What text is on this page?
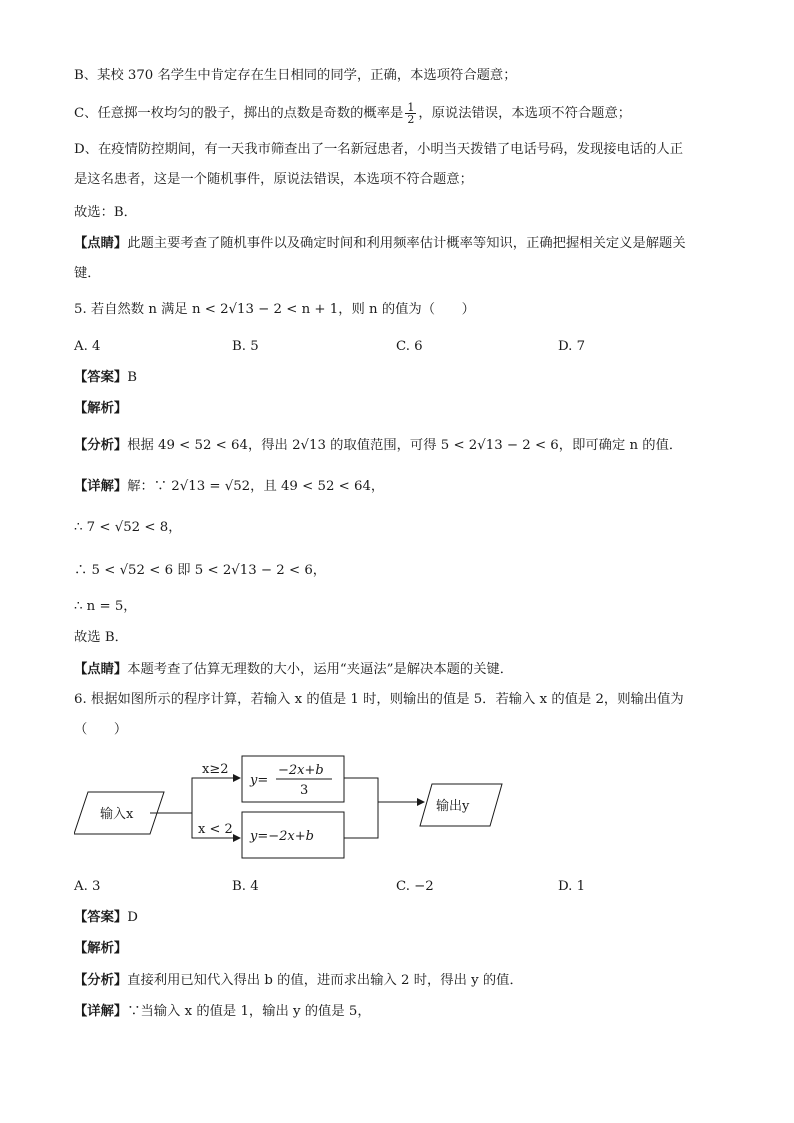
B、某校 370 名学生中肯定存在生日相同的同学，正确，本选项符合题意；
C、任意掷一枚均匀的骰子，掷出的点数是奇数的概率是 $\frac{1}{2}$ ，原说法错误，本选项不符合题意；
D、在疫情防控期间，有一天我市筛查出了一名新冠患者，小明当天拨错了电话号码，发现接电话的人正
是这名患者，这是一个随机事件，原说法错误，本选项不符合题意；
故选：B．
【点睛】此题主要考查了随机事件以及确定时间和利用频率估计概率等知识，正确把握相关定义是解题关
键．
5. 若自然数 n 满足 n < 2√13 − 2 < n + 1，则 n 的值为（　　）
A. 4	B. 5	C. 6	D. 7
【答案】B
【解析】
【分析】根据 49 < 52 < 64，得出 2√13 的取值范围，可得 5 < 2√13 − 2 < 6，即可确定 n 的值．
【详解】解：∵ 2√13 = √52，且 49 < 52 < 64，
∴ 7 < √52 < 8，
∴ 5 < √52 < 6 即 5 < 2√13 − 2 < 6，
∴ n = 5，
故选 B．
【点睛】本题考查了估算无理数的大小，运用“夹逼法”是解决本题的关键．
6. 根据如图所示的程序计算，若输入 x 的值是 1 时，则输出的值是 5．若输入 x 的值是 2，则输出值为
（　　）
输入x
x≥2
x < 2
y=
−2x+b
3
y=−2x+b
输出y
A. 3	B. 4	C. −2	D. 1
【答案】D
【解析】
【分析】直接利用已知代入得出 b 的值，进而求出输入 2 时，得出 y 的值．
【详解】∵当输入 x 的值是 1，输出 y 的值是 5，
